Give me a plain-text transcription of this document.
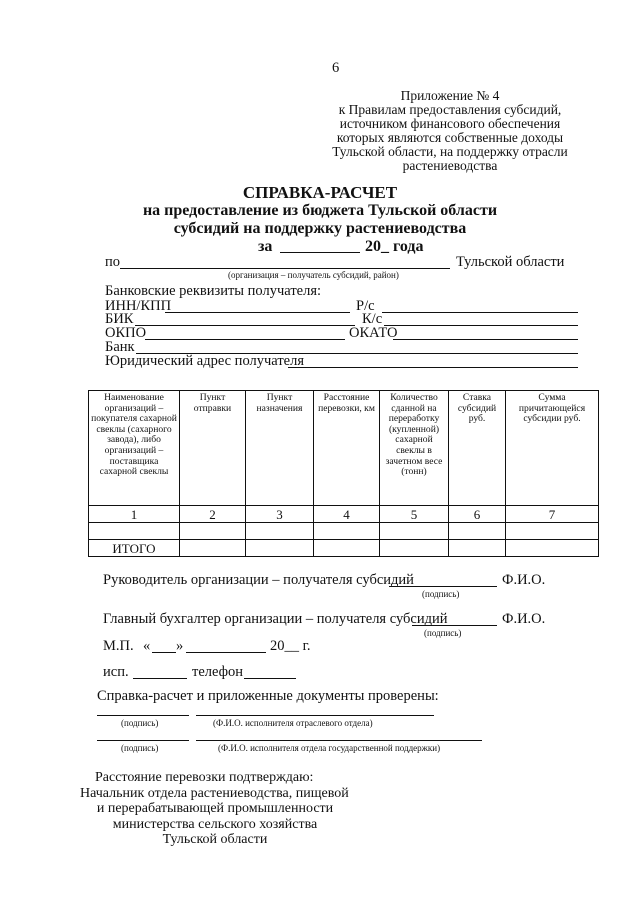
6
Приложение № 4
к Правилам предоставления субсидий,
источником финансового обеспечения
которых являются собственные доходы
Тульской области, на поддержку отрасли
растениеводства
СПРАВКА-РАСЧЕТ
на предоставление из бюджета Тульской области
субсидий на поддержку растениеводства
за	20_ года
по	Тульской области
(организация – получатель субсидий, район)
Банковские реквизиты получателя:
ИНН/КПП	Р/с
БИК	К/с
ОКПО	ОКАТО
Банк
Юридический адрес получателя
Наименование организаций – покупателя сахарной свеклы (сахарного завода), либо организаций – поставщика сахарной свеклы	Пункт отправки	Пункт назначения	Расстояние перевозки, км	Количество сданной на переработку (купленной) сахарной свеклы в зачетном весе (тонн)	Ставка субсидий руб.	Сумма причитающейся субсидии руб.
1	2	3	4	5	6	7

ИТОГО						
Руководитель организации – получателя субсидий	Ф.И.О.
(подпись)
Главный бухгалтер организации – получателя субсидий	Ф.И.О.
(подпись)
М.П. « »	20__ г.
исп.	телефон
Справка-расчет и приложенные документы проверены:
(подпись)	(Ф.И.О. исполнителя отраслевого отдела)
(подпись)	(Ф.И.О. исполнителя отдела государственной поддержки)
Расстояние перевозки подтверждаю:
Начальник отдела растениеводства, пищевой
и перерабатывающей промышленности
министерства сельского хозяйства
Тульской области
